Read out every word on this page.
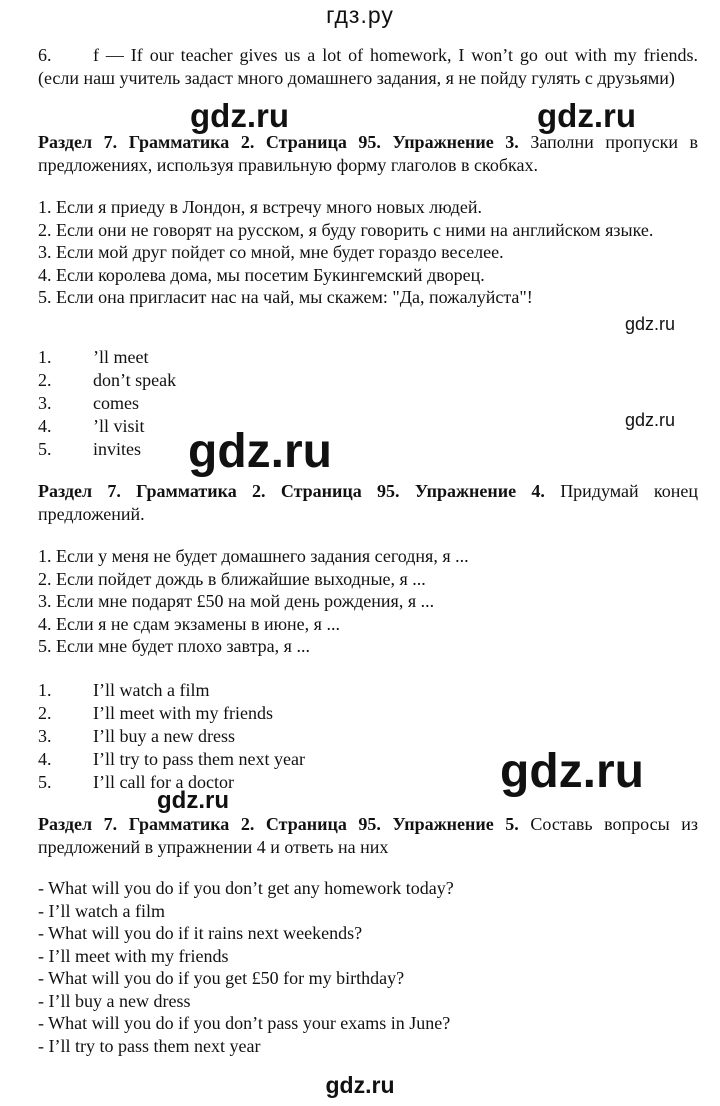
гдз.ру
6. f — If our teacher gives us a lot of homework, I won’t go out with my friends. (если наш учитель задаст много домашнего задания, я не пойду гулять с друзьями)
gdz.ru	gdz.ru
gdz.ru
gdz.ru
gdz.ru
gdz.ru
gdz.ru
Раздел 7. Грамматика 2. Страница 95. Упражнение 3. Заполни пропуски в предложениях, используя правильную форму глаголов в скобках.
1. Если я приеду в Лондон, я встречу много новых людей.
2. Если они не говорят на русском, я буду говорить с ними на английском языке.
3. Если мой друг пойдет со мной, мне будет гораздо веселее.
4. Если королева дома, мы посетим Букингемский дворец.
5. Если она пригласит нас на чай, мы скажем: "Да, пожалуйста"!
1. ’ll meet
2. don’t speak
3. comes
4. ’ll visit
5. invites
Раздел 7. Грамматика 2. Страница 95. Упражнение 4. Придумай конец предложений.
1. Если у меня не будет домашнего задания сегодня, я ...
2. Если пойдет дождь в ближайшие выходные, я ...
3. Если мне подарят £50 на мой день рождения, я ...
4. Если я не сдам экзамены в июне, я ...
5. Если мне будет плохо завтра, я ...
1. I’ll watch a film
2. I’ll meet with my friends
3. I’ll buy a new dress
4. I’ll try to pass them next year
5. I’ll call for a doctor
Раздел 7. Грамматика 2. Страница 95. Упражнение 5. Составь вопросы из предложений в упражнении 4 и ответь на них
- What will you do if you don’t get any homework today?
- I’ll watch a film
- What will you do if it rains next weekends?
- I’ll meet with my friends
- What will you do if you get £50 for my birthday?
- I’ll buy a new dress
- What will you do if you don’t pass your exams in June?
- I’ll try to pass them next year
gdz.ru
